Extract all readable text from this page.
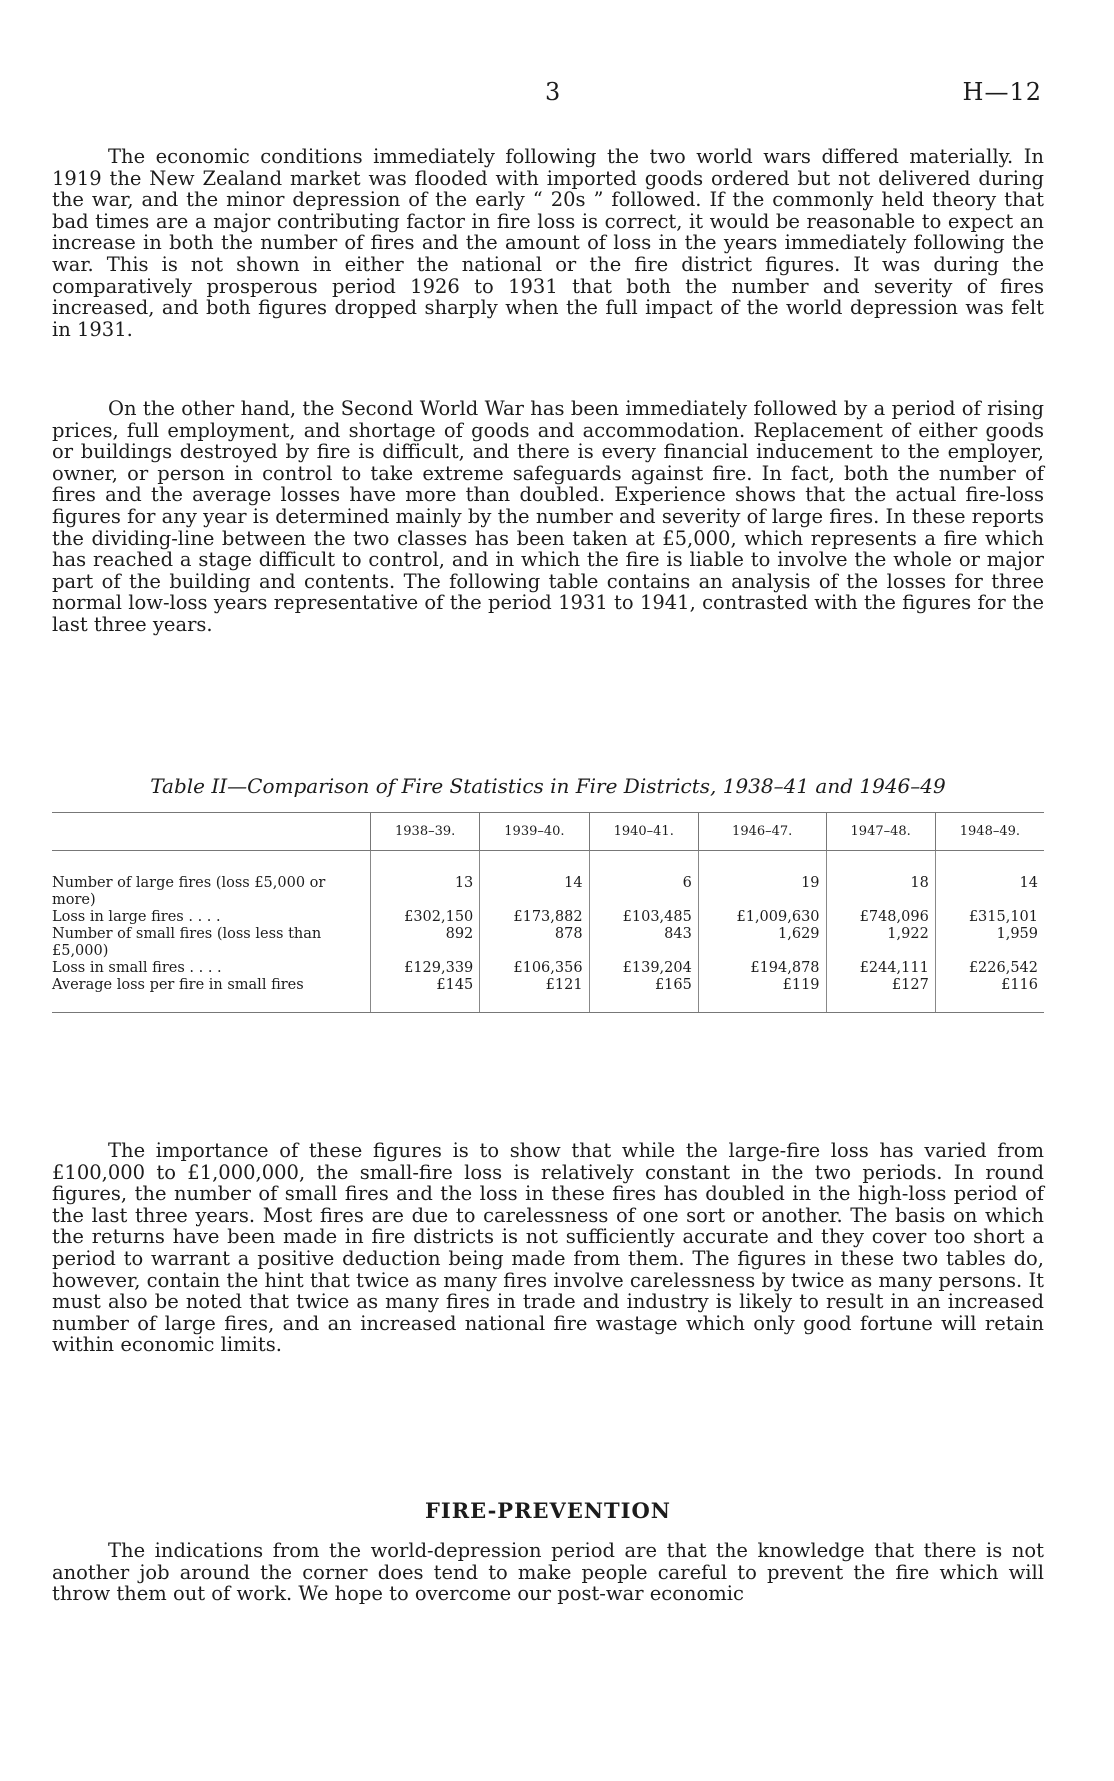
3	H—12

The economic conditions immediately following the two world wars differed materially. In 1919 the New Zealand market was flooded with imported goods ordered but not delivered during the war, and the minor depression of the early “ 20s ” followed. If the commonly held theory that bad times are a major contributing factor in fire loss is correct, it would be reasonable to expect an increase in both the number of fires and the amount of loss in the years immediately following the war. This is not shown in either the national or the fire district figures. It was during the comparatively prosperous period 1926 to 1931 that both the number and severity of fires increased, and both figures dropped sharply when the full impact of the world depression was felt in 1931.

On the other hand, the Second World War has been immediately followed by a period of rising prices, full employment, and shortage of goods and accommodation. Replacement of either goods or buildings destroyed by fire is difficult, and there is every financial inducement to the employer, owner, or person in control to take extreme safeguards against fire. In fact, both the number of fires and the average losses have more than doubled. Experience shows that the actual fire-loss figures for any year is determined mainly by the number and severity of large fires. In these reports the dividing-line between the two classes has been taken at £5,000, which represents a fire which has reached a stage difficult to control, and in which the fire is liable to involve the whole or major part of the building and contents. The following table contains an analysis of the losses for three normal low-loss years representative of the period 1931 to 1941, contrasted with the figures for the last three years.

Table II—Comparison of Fire Statistics in Fire Districts, 1938–41 and 1946–49

	1938–39.	1939–40.	1940–41.	1946–47.	1947–48.	1948–49.
Number of large fires (loss £5,000 or more)	13	14	6	19	18	14
Loss in large fires . . . .	£302,150	£173,882	£103,485	£1,009,630	£748,096	£315,101
Number of small fires (loss less than £5,000)	892	878	843	1,629	1,922	1,959
Loss in small fires . . . .	£129,339	£106,356	£139,204	£194,878	£244,111	£226,542
Average loss per fire in small fires	£145	£121	£165	£119	£127	£116

The importance of these figures is to show that while the large-fire loss has varied from £100,000 to £1,000,000, the small-fire loss is relatively constant in the two periods. In round figures, the number of small fires and the loss in these fires has doubled in the high-loss period of the last three years. Most fires are due to carelessness of one sort or another. The basis on which the returns have been made in fire districts is not sufficiently accurate and they cover too short a period to warrant a positive deduction being made from them. The figures in these two tables do, however, contain the hint that twice as many fires involve carelessness by twice as many persons. It must also be noted that twice as many fires in trade and industry is likely to result in an increased number of large fires, and an increased national fire wastage which only good fortune will retain within economic limits.

FIRE-PREVENTION

The indications from the world-depression period are that the knowledge that there is not another job around the corner does tend to make people careful to prevent the fire which will throw them out of work. We hope to overcome our post-war economic
